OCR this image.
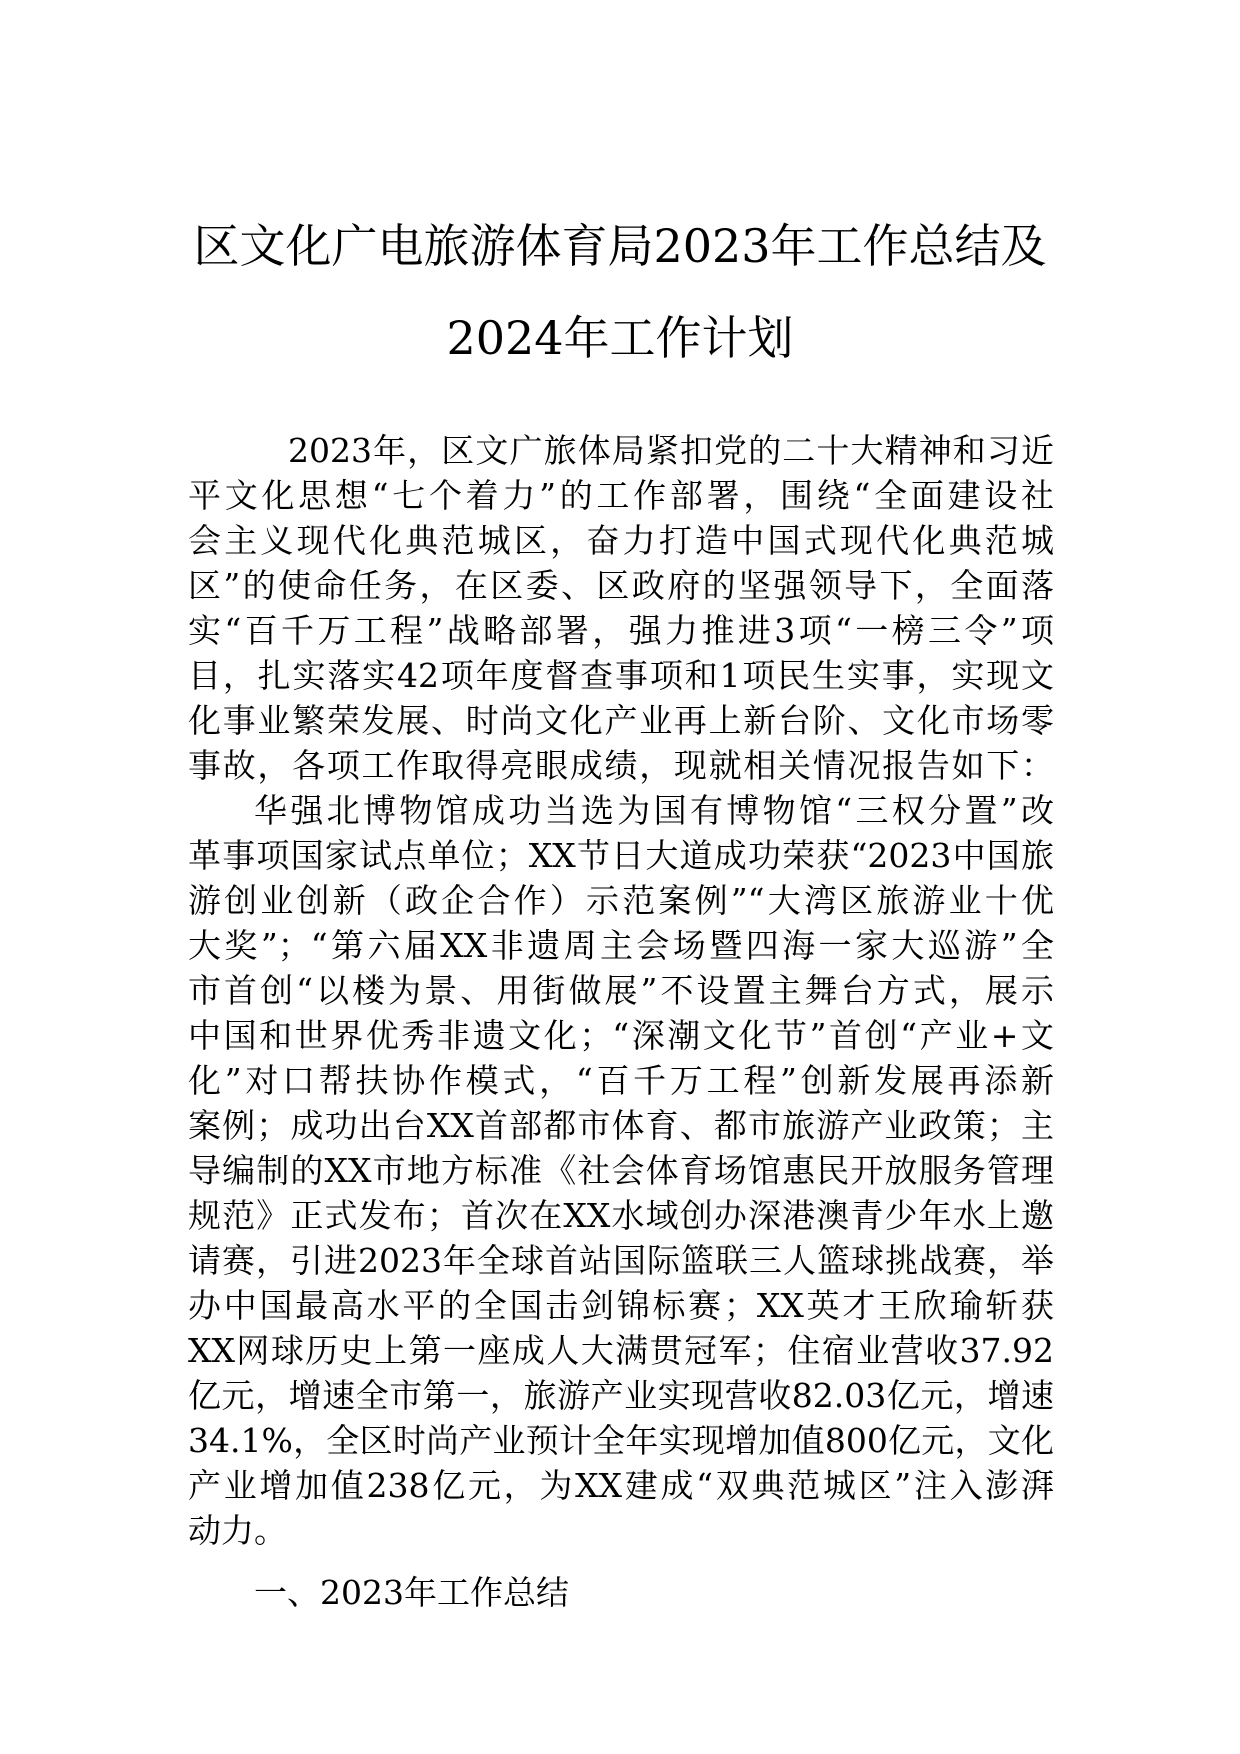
区文化广电旅游体育局2023年工作总结及
2024年工作计划
2023年，区文广旅体局紧扣党的二十大精神和习近
平文化思想“七个着力”的工作部署，围绕“全面建设社
会主义现代化典范城区，奋力打造中国式现代化典范城
区”的使命任务，在区委、区政府的坚强领导下，全面落
实“百千万工程”战略部署，强力推进3项“一榜三令”项
目，扎实落实42项年度督查事项和1项民生实事，实现文
化事业繁荣发展、时尚文化产业再上新台阶、文化市场零
事故，各项工作取得亮眼成绩，现就相关情况报告如下：
华强北博物馆成功当选为国有博物馆“三权分置”改
革事项国家试点单位；XX节日大道成功荣获“2023中国旅
游创业创新（政企合作）示范案例”“大湾区旅游业十优
大奖”；“第六届XX非遗周主会场暨四海一家大巡游”全
市首创“以楼为景、用街做展”不设置主舞台方式，展示
中国和世界优秀非遗文化；“深潮文化节”首创“产业+文
化”对口帮扶协作模式，“百千万工程”创新发展再添新
案例；成功出台XX首部都市体育、都市旅游产业政策；主
导编制的XX市地方标准《社会体育场馆惠民开放服务管理
规范》正式发布；首次在XX水域创办深港澳青少年水上邀
请赛，引进2023年全球首站国际篮联三人篮球挑战赛，举
办中国最高水平的全国击剑锦标赛；XX英才王欣瑜斩获
XX网球历史上第一座成人大满贯冠军；住宿业营收37.92
亿元，增速全市第一，旅游产业实现营收82.03亿元，增速
34.1%，全区时尚产业预计全年实现增加值800亿元，文化
产业增加值238亿元，为XX建成“双典范城区”注入澎湃
动力。
一、2023年工作总结
